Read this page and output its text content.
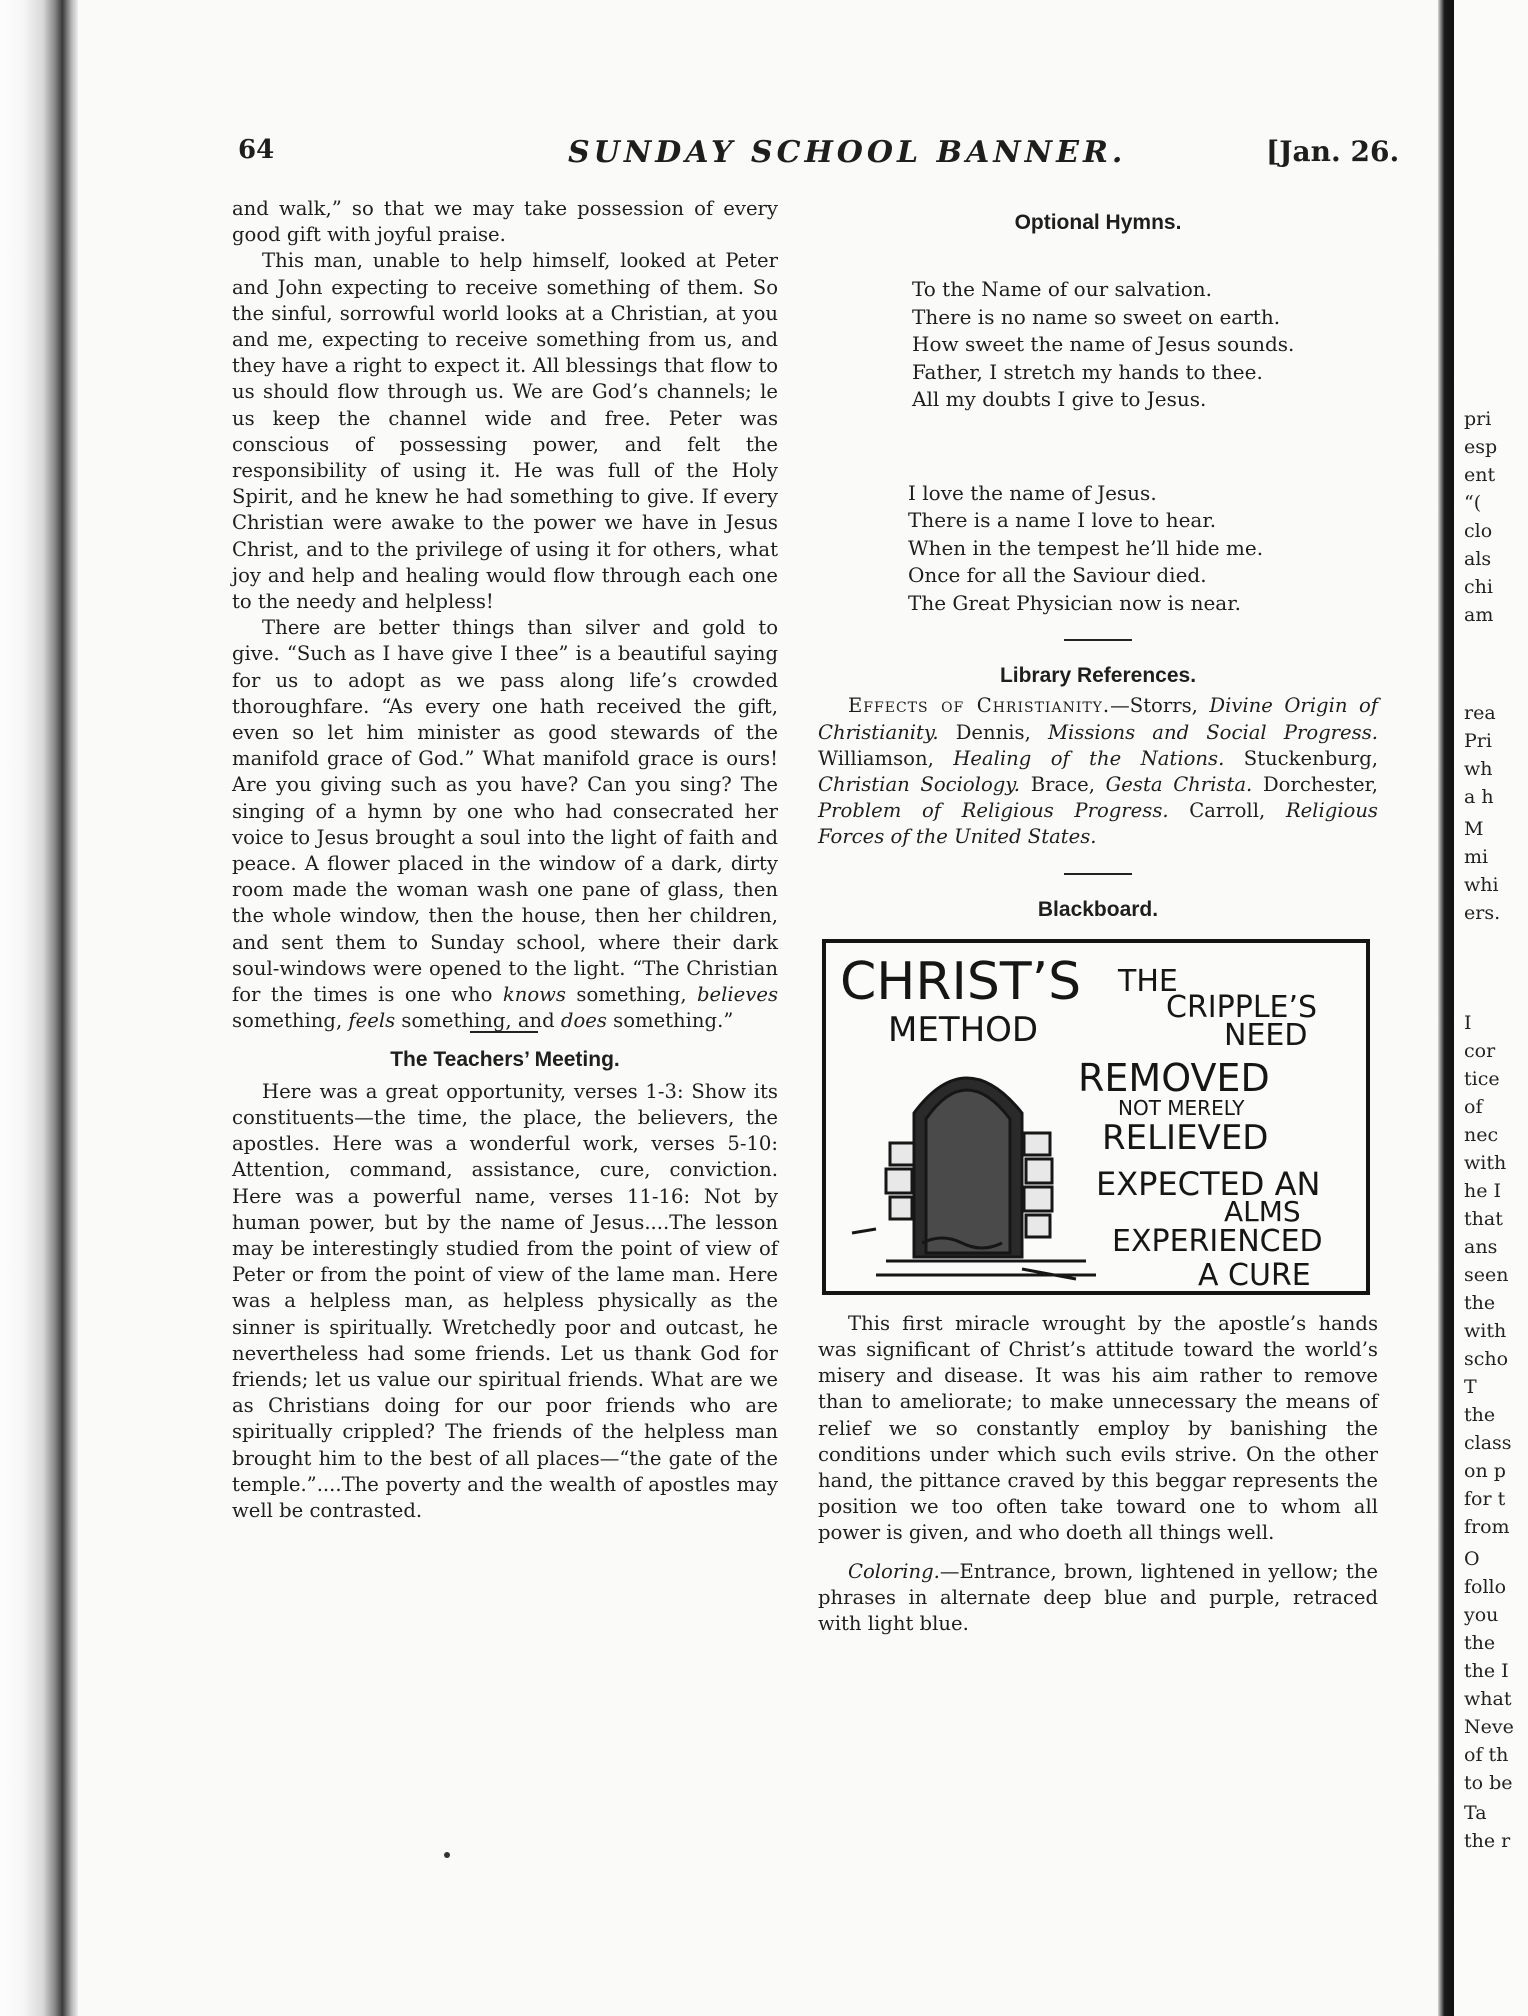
64	SUNDAY SCHOOL BANNER.	[Jan. 26.

and walk,” so that we may take possession of every good gift with joyful praise.

This man, unable to help himself, looked at Peter and John expecting to receive something of them. So the sinful, sorrowful world looks at a Christian, at you and me, expecting to receive something from us, and they have a right to expect it. All blessings that flow to us should flow through us. We are God’s channels; le us keep the channel wide and free. Peter was conscious of possessing power, and felt the responsibility of using it. He was full of the Holy Spirit, and he knew he had something to give. If every Christian were awake to the power we have in Jesus Christ, and to the privilege of using it for others, what joy and help and healing would flow through each one to the needy and helpless!

There are better things than silver and gold to give. “Such as I have give I thee” is a beautiful saying for us to adopt as we pass along life’s crowded thoroughfare. “As every one hath received the gift, even so let him minister as good stewards of the manifold grace of God.” What manifold grace is ours! Are you giving such as you have? Can you sing? The singing of a hymn by one who had consecrated her voice to Jesus brought a soul into the light of faith and peace. A flower placed in the window of a dark, dirty room made the woman wash one pane of glass, then the whole window, then the house, then her children, and sent them to Sunday school, where their dark soul-windows were opened to the light. “The Christian for the times is one who knows something, believes something, feels something, and does something.”

The Teachers’ Meeting.

Here was a great opportunity, verses 1-3: Show its constituents—the time, the place, the believers, the apostles. Here was a wonderful work, verses 5-10: Attention, command, assistance, cure, conviction. Here was a powerful name, verses 11-16: Not by human power, but by the name of Jesus....The lesson may be interestingly studied from the point of view of Peter or from the point of view of the lame man. Here was a helpless man, as helpless physically as the sinner is spiritually. Wretchedly poor and outcast, he nevertheless had some friends. Let us thank God for friends; let us value our spiritual friends. What are we as Christians doing for our poor friends who are spiritually crippled? The friends of the helpless man brought him to the best of all places—“the gate of the temple.”....The poverty and the wealth of apostles may well be contrasted.

Optional Hymns.
To the Name of our salvation.
There is no name so sweet on earth.
How sweet the name of Jesus sounds.
Father, I stretch my hands to thee.
All my doubts I give to Jesus.
I love the name of Jesus.
There is a name I love to hear.
When in the tempest he’ll hide me.
Once for all the Saviour died.
The Great Physician now is near.
Library References.

Effects of Christianity.—Storrs, Divine Origin of Christianity. Dennis, Missions and Social Progress. Williamson, Healing of the Nations. Stuckenburg, Christian Sociology. Brace, Gesta Christa. Dorchester, Problem of Religious Progress. Carroll, Religious Forces of the United States.

Blackboard.
CHRIST’S
METHOD
THE
CRIPPLE’S
NEED
REMOVED
NOT MERELY
RELIEVED
EXPECTED AN
ALMS
EXPERIENCED
A CURE

This first miracle wrought by the apostle’s hands was significant of Christ’s attitude toward the world’s misery and disease. It was his aim rather to remove than to ameliorate; to make unnecessary the means of relief we so constantly employ by banishing the conditions under which such evils strive. On the other hand, the pittance craved by this beggar represents the position we too often take toward one to whom all power is given, and who doeth all things well.

Coloring.—Entrance, brown, lightened in yellow; the phrases in alternate deep blue and purple, retraced with light blue.

pri
esp
ent
“(
clo
als
chi
am
rea
Pri
wh
a h
M
mi
whi
ers.
I
cor
tice
of
nec
with
he I
that
ans
seen
the
with
scho
T
the
class
on p
for t
from
O
follo
you
the
the I
what
Neve
of th
to be
Ta
the r
